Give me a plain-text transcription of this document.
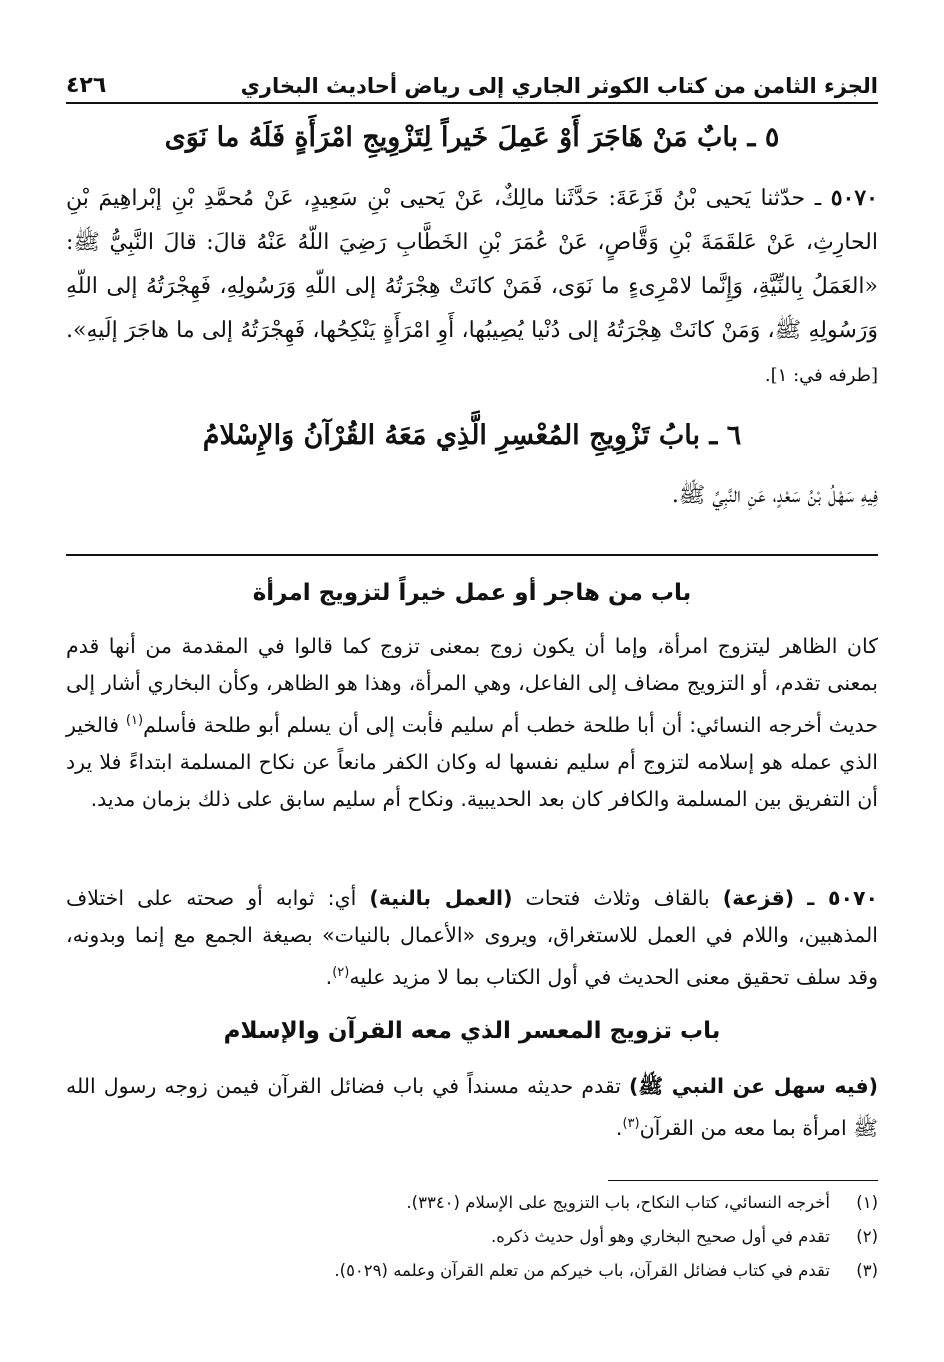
الجزء الثامن من كتاب الكوثر الجاري إلى رياض أحاديث البخاري
٤٢٦
٥ ـ بابٌ مَنْ هَاجَرَ أَوْ عَمِلَ خَيراً لِتَزْوِيجِ امْرَأَةٍ فَلَهُ ما نَوَى
٥٠٧٠ ـ حدّثنا يَحيى بْنُ قَزَعَةَ: حَدَّثَنا مالِكٌ، عَنْ يَحيى بْنِ سَعِيدٍ، عَنْ مُحمَّدِ بْنِ إبْراهِيمَ بْنِ الحارِثِ، عَنْ عَلقَمَةَ بْنِ وَقَّاصٍ، عَنْ عُمَرَ بْنِ الخَطَّابِ رَضِيَ اللّهُ عَنْهُ قالَ: قالَ النَّبِيُّ ﷺ: «العَمَلُ بِالنِّيَّةِ، وَإِنَّما لامْرِىءٍ ما نَوَى، فَمَنْ كانَتْ هِجْرَتُهُ إلى اللّهِ وَرَسُولِهِ، فَهِجْرَتُهُ إلى اللّهِ وَرَسُولِهِ ﷺ، وَمَنْ كانَتْ هِجْرَتُهُ إلى دُنْيا يُصِيبُها، أَوِ امْرَأَةٍ يَنْكِحُها، فَهِجْرَتُهُ إلى ما هاجَرَ إلَيهِ». [طرفه في: ١].
٦ ـ بابُ تَزْوِيجِ المُعْسِرِ الَّذِي مَعَهُ القُرْآنُ وَالإِسْلامُ
فِيهِ سَهْلُ بْنُ سَعْدٍ، عَنِ النَّبِيِّ ﷺ.
باب من هاجر أو عمل خيراً لتزويج امرأة

كان الظاهر ليتزوج امرأة، وإما أن يكون زوج بمعنى تزوج كما قالوا في المقدمة من أنها قدم بمعنى تقدم، أو التزويج مضاف إلى الفاعل، وهي المرأة، وهذا هو الظاهر، وكأن البخاري أشار إلى حديث أخرجه النسائي: أن أبا طلحة خطب أم سليم فأبت إلى أن يسلم أبو طلحة فأسلم$^{(١)}$ فالخير الذي عمله هو إسلامه لتزوج أم سليم نفسها له وكان الكفر مانعاً عن نكاح المسلمة ابتداءً فلا يرد أن التفريق بين المسلمة والكافر كان بعد الحديبية. ونكاح أم سليم سابق على ذلك بزمان مديد.

٥٠٧٠ ـ (قزعة) بالقاف وثلاث فتحات (العمل بالنية) أي: ثوابه أو صحته على اختلاف المذهبين، واللام في العمل للاستغراق، ويروى «الأعمال بالنيات» بصيغة الجمع مع إنما وبدونه، وقد سلف تحقيق معنى الحديث في أول الكتاب بما لا مزيد عليه$^{(٢)}$.

باب تزويج المعسر الذي معه القرآن والإسلام

(فيه سهل عن النبي ﷺ) تقدم حديثه مسنداً في باب فضائل القرآن فيمن زوجه رسول الله ﷺ امرأة بما معه من القرآن$^{(٣)}$.

(١)
أخرجه النسائي، كتاب النكاح، باب التزويج على الإسلام (٣٣٤٠).
(٢)
تقدم في أول صحيح البخاري وهو أول حديث ذكره.
(٣)
تقدم في كتاب فضائل القرآن، باب خيركم من تعلم القرآن وعلمه (٥٠٢٩).
